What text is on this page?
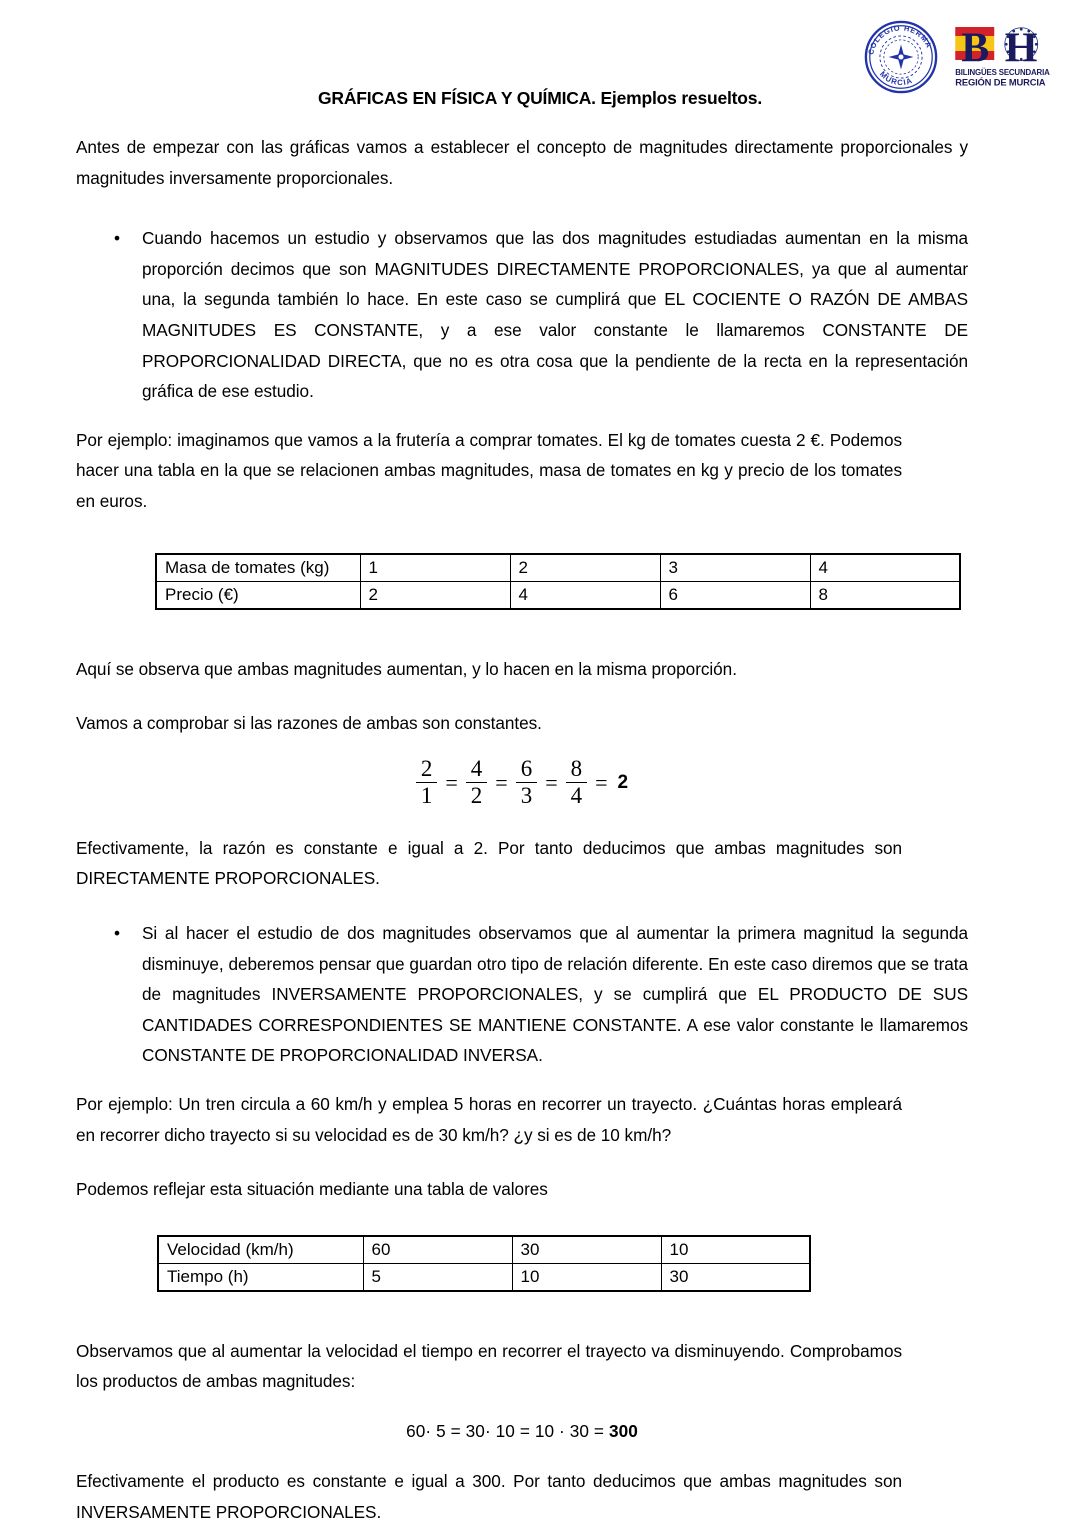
COLEGIO HERMA
MURCIA
B H
BILINGÜES SECUNDARIA
REGIÓN DE MURCIA
GRÁFICAS EN FÍSICA Y QUÍMICA. Ejemplos resueltos.

Antes de empezar con las gráficas vamos a establecer el concepto de magnitudes directamente proporcionales y magnitudes inversamente proporcionales.

•	Cuando hacemos un estudio y observamos que las dos magnitudes estudiadas aumentan en la misma proporción decimos que son MAGNITUDES DIRECTAMENTE PROPORCIONALES, ya que al aumentar una, la segunda también lo hace. En este caso se cumplirá que EL COCIENTE O RAZÓN DE AMBAS MAGNITUDES ES CONSTANTE, y a ese valor constante le llamaremos CONSTANTE DE PROPORCIONALIDAD DIRECTA, que no es otra cosa que la pendiente de la recta en la representación gráfica de ese estudio.

Por ejemplo: imaginamos que vamos a la frutería a comprar tomates. El kg de tomates cuesta 2 €. Podemos hacer una tabla en la que se relacionen ambas magnitudes, masa de tomates en kg y precio de los tomates en euros.

Masa de tomates (kg)	1	2	3	4
Precio (€)	2	4	6	8

Aquí se observa que ambas magnitudes aumentan, y lo hacen en la misma proporción.

Vamos a comprobar si las razones de ambas son constantes.

$\frac{2}{1} = \frac{4}{2} = \frac{6}{3} = \frac{8}{4} = 2$

Efectivamente, la razón es constante e igual a 2. Por tanto deducimos que ambas magnitudes son DIRECTAMENTE PROPORCIONALES.

•	Si al hacer el estudio de dos magnitudes observamos que al aumentar la primera magnitud la segunda disminuye, deberemos pensar que guardan otro tipo de relación diferente. En este caso diremos que se trata de magnitudes INVERSAMENTE PROPORCIONALES, y se cumplirá que EL PRODUCTO DE SUS CANTIDADES CORRESPONDIENTES SE MANTIENE CONSTANTE. A ese valor constante le llamaremos CONSTANTE DE PROPORCIONALIDAD INVERSA.

Por ejemplo: Un tren circula a 60 km/h y emplea 5 horas en recorrer un trayecto. ¿Cuántas horas empleará en recorrer dicho trayecto si su velocidad es de 30 km/h? ¿y si es de 10 km/h?

Podemos reflejar esta situación mediante una tabla de valores

Velocidad (km/h)	60	30	10
Tiempo (h)	5	10	30

Observamos que al aumentar la velocidad el tiempo en recorrer el trayecto va disminuyendo. Comprobamos los productos de ambas magnitudes:

60· 5 = 30· 10 = 10 · 30 = 300

Efectivamente el producto es constante e igual a 300. Por tanto deducimos que ambas magnitudes son INVERSAMENTE PROPORCIONALES.
